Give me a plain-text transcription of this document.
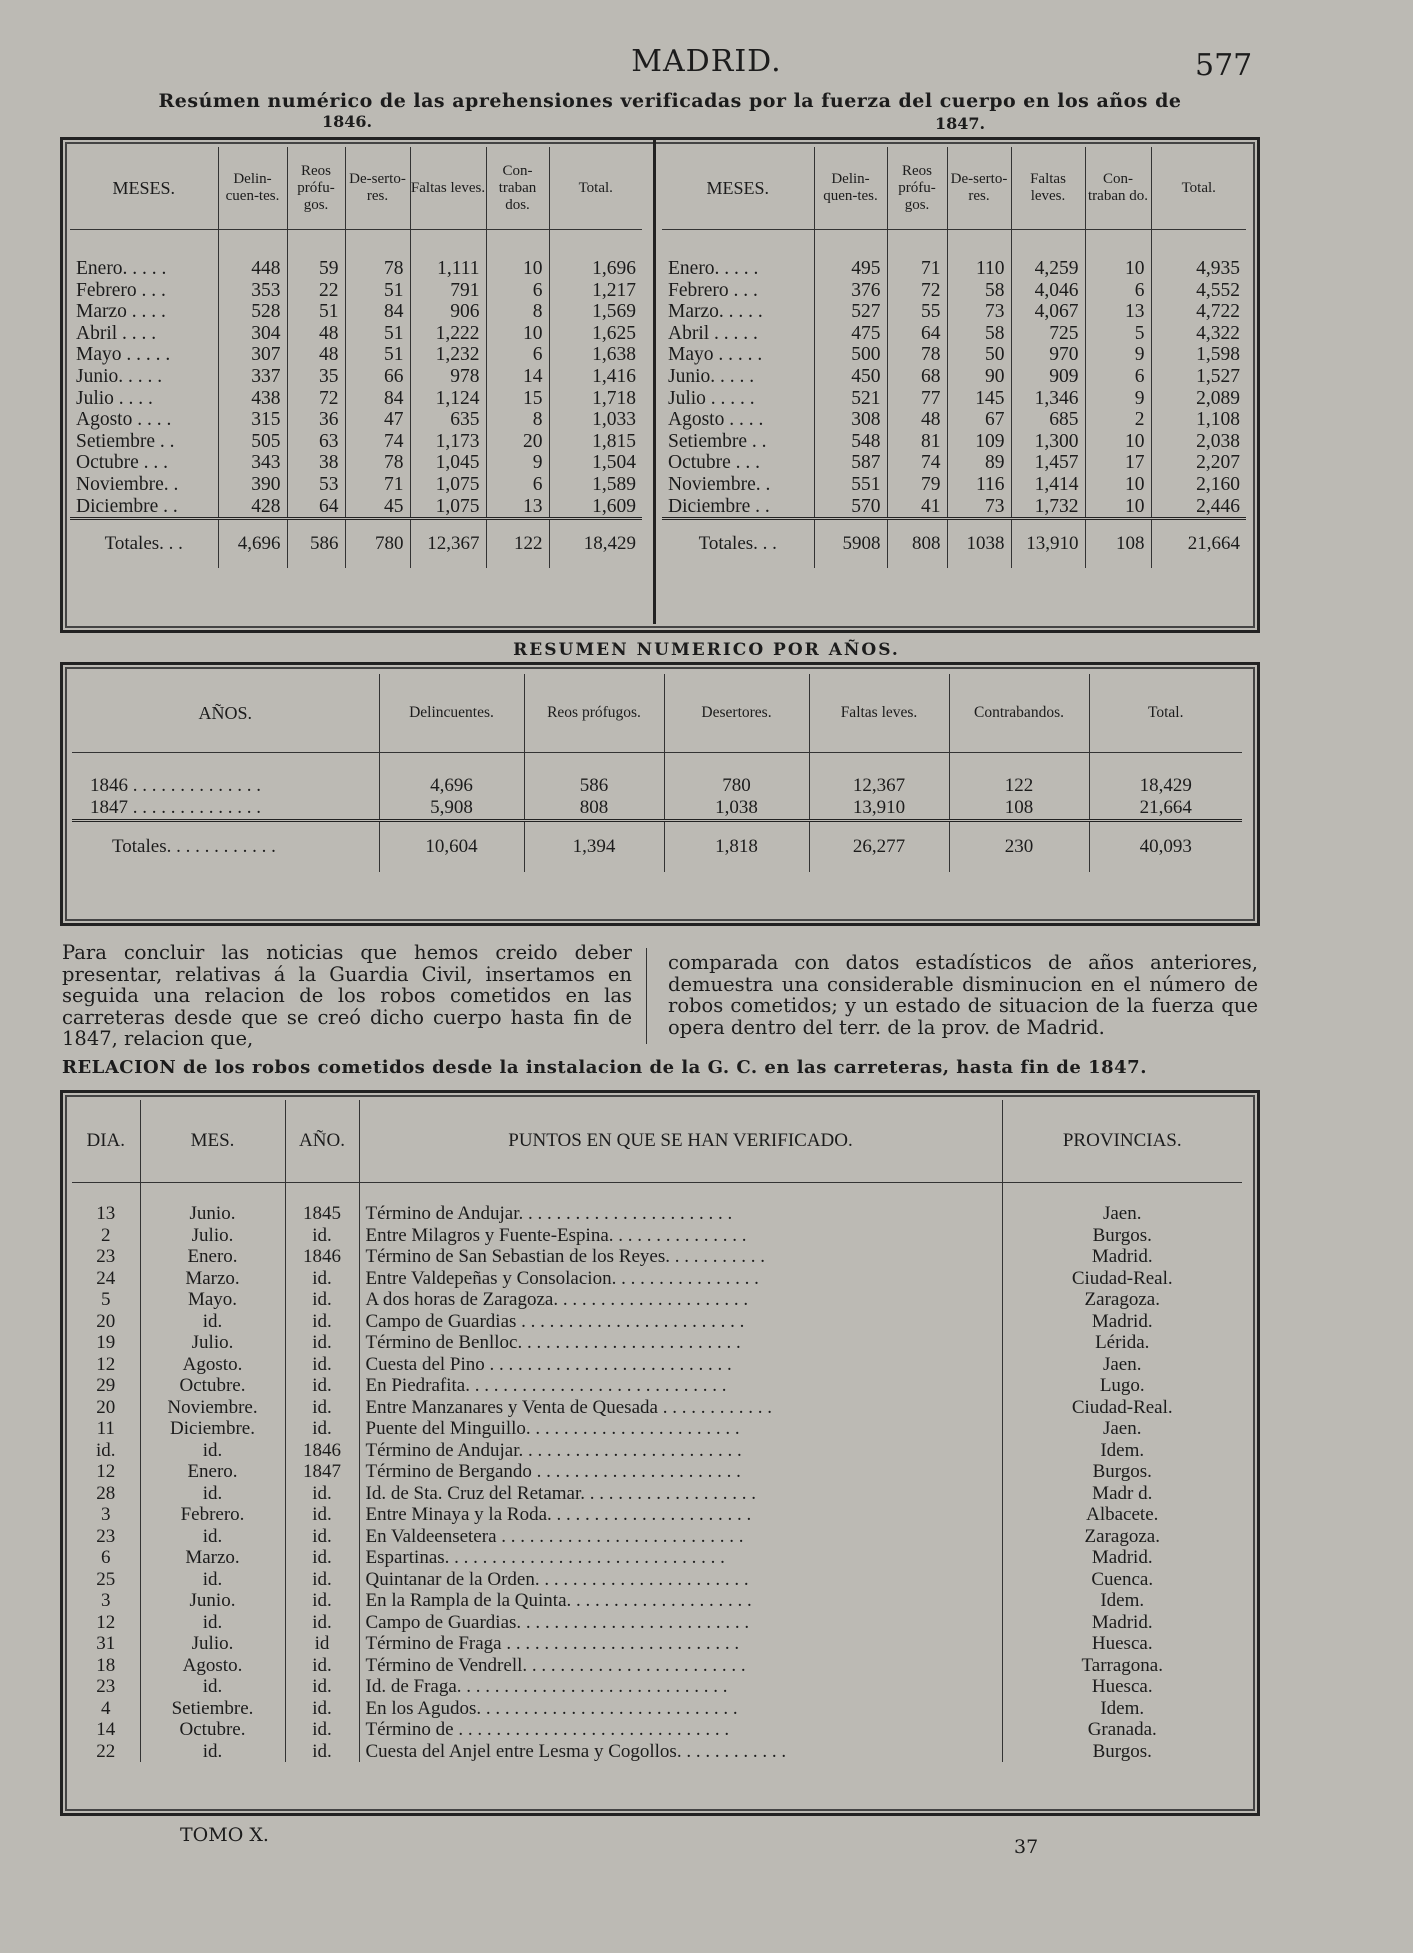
MADRID.	577
Resúmen numérico de las aprehensiones verificadas por la fuerza del cuerpo en los años de
1846.	1847.
MESES.	Delin-cuen-tes.	Reos prófu-gos.	De-serto-res.	Faltas leves.	Con-traban dos.	Total.

Enero. . . . .	448	59	78	1,111	10	1,696
Febrero . . .	353	22	51	791	6	1,217
Marzo . . . .	528	51	84	906	8	1,569
Abril . . . .	304	48	51	1,222	10	1,625
Mayo . . . . .	307	48	51	1,232	6	1,638
Junio. . . . .	337	35	66	978	14	1,416
Julio . . . .	438	72	84	1,124	15	1,718
Agosto . . . .	315	36	47	635	8	1,033
Setiembre . .	505	63	74	1,173	20	1,815
Octubre . . .	343	38	78	1,045	9	1,504
Noviembre. .	390	53	71	1,075	6	1,589
Diciembre . .	428	64	45	1,075	13	1,609
Totales. . .	4,696	586	780	12,367	122	18,429
MESES.	Delin-quen-tes.	Reos prófu-gos.	De-serto-res.	Faltas leves.	Con-traban do.	Total.

Enero. . . . .	495	71	110	4,259	10	4,935
Febrero . . .	376	72	58	4,046	6	4,552
Marzo. . . . .	527	55	73	4,067	13	4,722
Abril . . . . .	475	64	58	725	5	4,322
Mayo . . . . .	500	78	50	970	9	1,598
Junio. . . . .	450	68	90	909	6	1,527
Julio . . . . .	521	77	145	1,346	9	2,089
Agosto . . . .	308	48	67	685	2	1,108
Setiembre . .	548	81	109	1,300	10	2,038
Octubre . . .	587	74	89	1,457	17	2,207
Noviembre. .	551	79	116	1,414	10	2,160
Diciembre . .	570	41	73	1,732	10	2,446
Totales. . .	5908	808	1038	13,910	108	21,664
RESUMEN NUMERICO POR AÑOS.
AÑOS.	Delincuentes.	Reos prófugos.	Desertores.	Faltas leves.	Contrabandos.	Total.

1846 . . . . . . . . . . . . . .	4,696	586	780	12,367	122	18,429
1847 . . . . . . . . . . . . . .	5,908	808	1,038	13,910	108	21,664
Totales. . . . . . . . . . . .	10,604	1,394	1,818	26,277	230	40,093
Para concluir las noticias que hemos creido deber presentar, relativas á la Guardia Civil, insertamos en seguida una relacion de los robos cometidos en las carreteras desde que se creó dicho cuerpo hasta fin de 1847, relacion que,
comparada con datos estadísticos de años anteriores, demuestra una considerable disminucion en el número de robos cometidos; y un estado de situacion de la fuerza que opera dentro del terr. de la prov. de Madrid.
RELACION de los robos cometidos desde la instalacion de la G. C. en las carreteras, hasta fin de 1847.
DIA.	MES.	AÑO.	PUNTOS EN QUE SE HAN VERIFICADO.	PROVINCIAS.

13	Junio.	1845	Término de Andujar. . . . . . . . . . . . . . . . . . . . . . .	Jaen.
2	Julio.	id.	Entre Milagros y Fuente-Espina. . . . . . . . . . . . . . .	Burgos.
23	Enero.	1846	Término de San Sebastian de los Reyes. . . . . . . . . . .	Madrid.
24	Marzo.	id.	Entre Valdepeñas y Consolacion. . . . . . . . . . . . . . . .	Ciudad-Real.
5	Mayo.	id.	A dos horas de Zaragoza. . . . . . . . . . . . . . . . . . . . .	Zaragoza.
20	id.	id.	Campo de Guardias . . . . . . . . . . . . . . . . . . . . . . . .	Madrid.
19	Julio.	id.	Término de Benlloc. . . . . . . . . . . . . . . . . . . . . . . .	Lérida.
12	Agosto.	id.	Cuesta del Pino . . . . . . . . . . . . . . . . . . . . . . . . . .	Jaen.
29	Octubre.	id.	En Piedrafita. . . . . . . . . . . . . . . . . . . . . . . . . . . .	Lugo.
20	Noviembre.	id.	Entre Manzanares y Venta de Quesada . . . . . . . . . . . .	Ciudad-Real.
11	Diciembre.	id.	Puente del Minguillo. . . . . . . . . . . . . . . . . . . . . . .	Jaen.
id.	id.	1846	Término de Andujar. . . . . . . . . . . . . . . . . . . . . . . .	Idem.
12	Enero.	1847	Término de Bergando . . . . . . . . . . . . . . . . . . . . . .	Burgos.
28	id.	id.	Id. de Sta. Cruz del Retamar. . . . . . . . . . . . . . . . . . .	Madr d.
3	Febrero.	id.	Entre Minaya y la Roda. . . . . . . . . . . . . . . . . . . . . .	Albacete.
23	id.	id.	En Valdeensetera . . . . . . . . . . . . . . . . . . . . . . . . . .	Zaragoza.
6	Marzo.	id.	Espartinas. . . . . . . . . . . . . . . . . . . . . . . . . . . . . .	Madrid.
25	id.	id.	Quintanar de la Orden. . . . . . . . . . . . . . . . . . . . . . .	Cuenca.
3	Junio.	id.	En la Rampla de la Quinta. . . . . . . . . . . . . . . . . . . .	Idem.
12	id.	id.	Campo de Guardias. . . . . . . . . . . . . . . . . . . . . . . . .	Madrid.
31	Julio.	id	Término de Fraga . . . . . . . . . . . . . . . . . . . . . . . . .	Huesca.
18	Agosto.	id.	Término de Vendrell. . . . . . . . . . . . . . . . . . . . . . . .	Tarragona.
23	id.	id.	Id. de Fraga. . . . . . . . . . . . . . . . . . . . . . . . . . . . .	Huesca.
4	Setiembre.	id.	En los Agudos. . . . . . . . . . . . . . . . . . . . . . . . . . . .	Idem.
14	Octubre.	id.	Término de . . . . . . . . . . . . . . . . . . . . . . . . . . . . .	Granada.
22	id.	id.	Cuesta del Anjel entre Lesma y Cogollos. . . . . . . . . . . .	Burgos.
TOMO X.
37
